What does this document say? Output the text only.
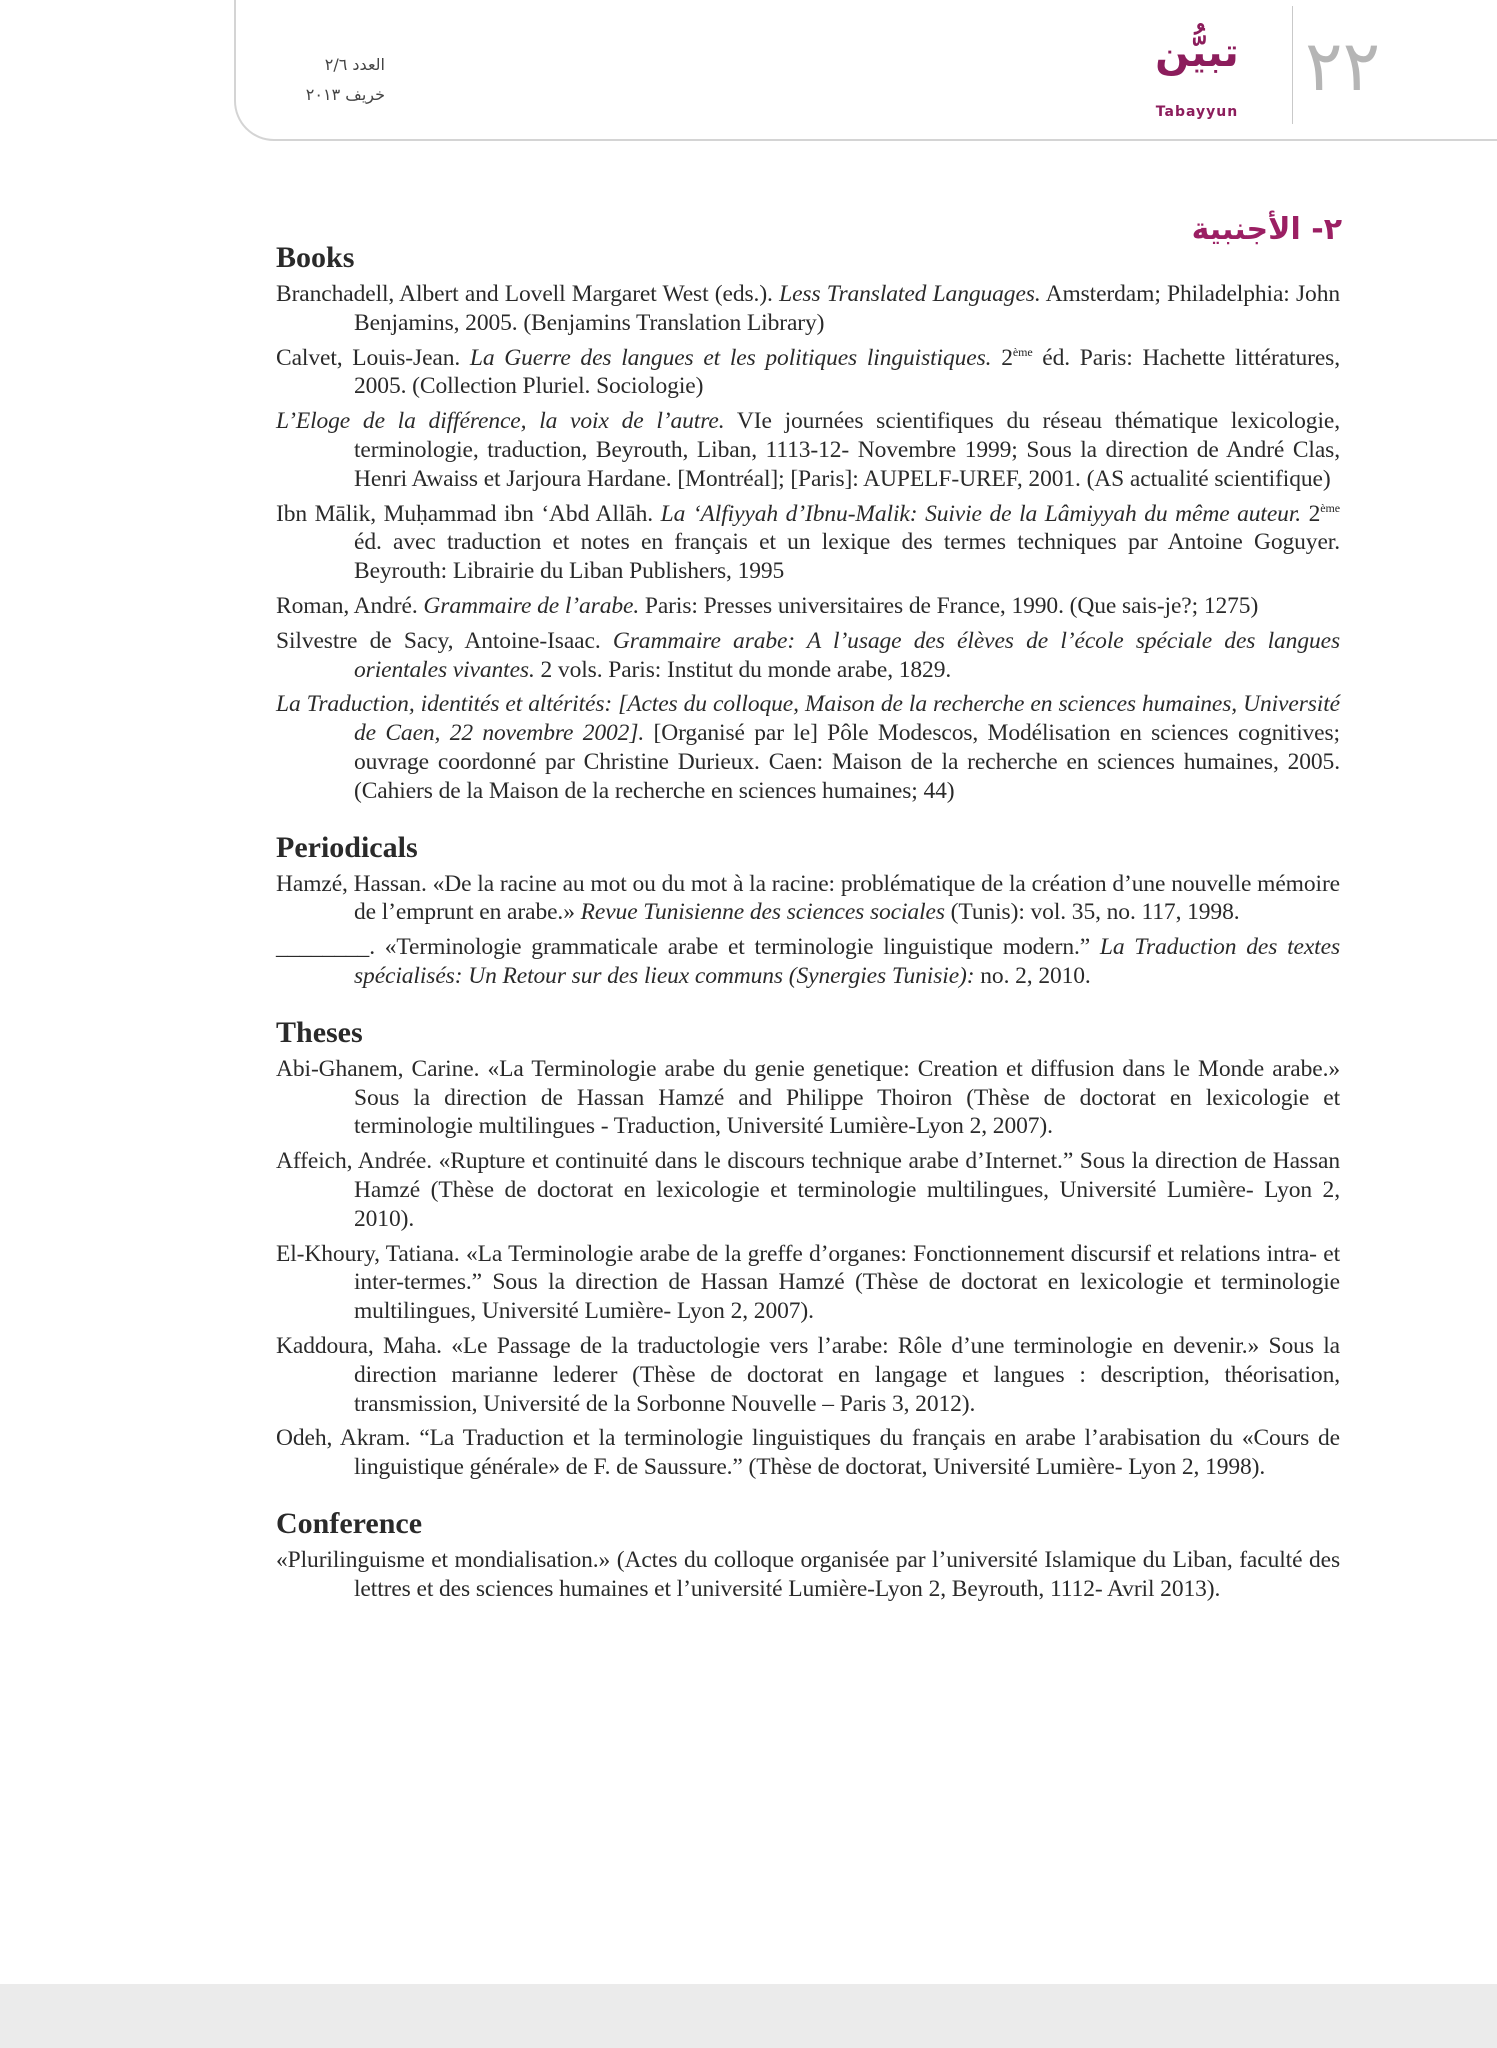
العدد ٢/٦
خريف ٢٠١٣
تبيُّن
Tabayyun
٢٢
٢- الأجنبية
Books

Branchadell, Albert and Lovell Margaret West (eds.). Less Translated Languages. Amsterdam; Philadelphia: John Benjamins, 2005. (Benjamins Translation Library)

Calvet, Louis-Jean. La Guerre des langues et les politiques linguistiques. 2ème éd. Paris: Hachette littératures, 2005. (Collection Pluriel. Sociologie)

L’Eloge de la différence, la voix de l’autre. VIe journées scientifiques du réseau thématique lexicologie, terminologie, traduction, Beyrouth, Liban, 1113-12- Novembre 1999; Sous la direction de André Clas, Henri Awaiss et Jarjoura Hardane. [Montréal]; [Paris]: AUPELF-UREF, 2001. (AS actualité scientifique)

Ibn Mālik, Muḥammad ibn ‘Abd Allāh. La ‘Alfiyyah d’Ibnu-Malik: Suivie de la Lâmiyyah du même auteur. 2ème éd. avec traduction et notes en français et un lexique des termes techniques par Antoine Goguyer. Beyrouth: Librairie du Liban Publishers, 1995

Roman, André. Grammaire de l’arabe. Paris: Presses universitaires de France, 1990. (Que sais-je?; 1275)

Silvestre de Sacy, Antoine-Isaac. Grammaire arabe: A l’usage des élèves de l’école spéciale des langues orientales vivantes. 2 vols. Paris: Institut du monde arabe, 1829.

La Traduction, identités et altérités: [Actes du colloque, Maison de la recherche en sciences humaines, Université de Caen, 22 novembre 2002]. [Organisé par le] Pôle Modescos, Modélisation en sciences cognitives; ouvrage coordonné par Christine Durieux. Caen: Maison de la recherche en sciences humaines, 2005. (Cahiers de la Maison de la recherche en sciences humaines; 44)

Periodicals

Hamzé, Hassan. «De la racine au mot ou du mot à la racine: problématique de la création d’une nouvelle mémoire de l’emprunt en arabe.» Revue Tunisienne des sciences sociales (Tunis): vol. 35, no. 117, 1998.

________. «Terminologie grammaticale arabe et terminologie linguistique modern.” La Traduction des textes spécialisés: Un Retour sur des lieux communs (Synergies Tunisie): no. 2, 2010.

Theses

Abi-Ghanem, Carine. «La Terminologie arabe du genie genetique: Creation et diffusion dans le Monde arabe.» Sous la direction de Hassan Hamzé and Philippe Thoiron (Thèse de doctorat en lexicologie et terminologie multilingues - Traduction, Université Lumière-Lyon 2, 2007).

Affeich, Andrée. «Rupture et continuité dans le discours technique arabe d’Internet.” Sous la direction de Hassan Hamzé (Thèse de doctorat en lexicologie et terminologie multilingues, Université Lumière- Lyon 2, 2010).

El-Khoury, Tatiana. «La Terminologie arabe de la greffe d’organes: Fonctionnement discursif et relations intra- et inter-termes.” Sous la direction de Hassan Hamzé (Thèse de doctorat en lexicologie et terminologie multilingues, Université Lumière- Lyon 2, 2007).

Kaddoura, Maha. «Le Passage de la traductologie vers l’arabe: Rôle d’une terminologie en devenir.» Sous la direction marianne lederer (Thèse de doctorat en langage et langues : description, théorisation, transmission, Université de la Sorbonne Nouvelle – Paris 3, 2012).

Odeh, Akram. “La Traduction et la terminologie linguistiques du français en arabe l’arabisation du «Cours de linguistique générale» de F. de Saussure.” (Thèse de doctorat, Université Lumière- Lyon 2, 1998).

Conference

«Plurilinguisme et mondialisation.» (Actes du colloque organisée par l’université Islamique du Liban, faculté des lettres et des sciences humaines et l’université Lumière-Lyon 2, Beyrouth, 1112- Avril 2013).
